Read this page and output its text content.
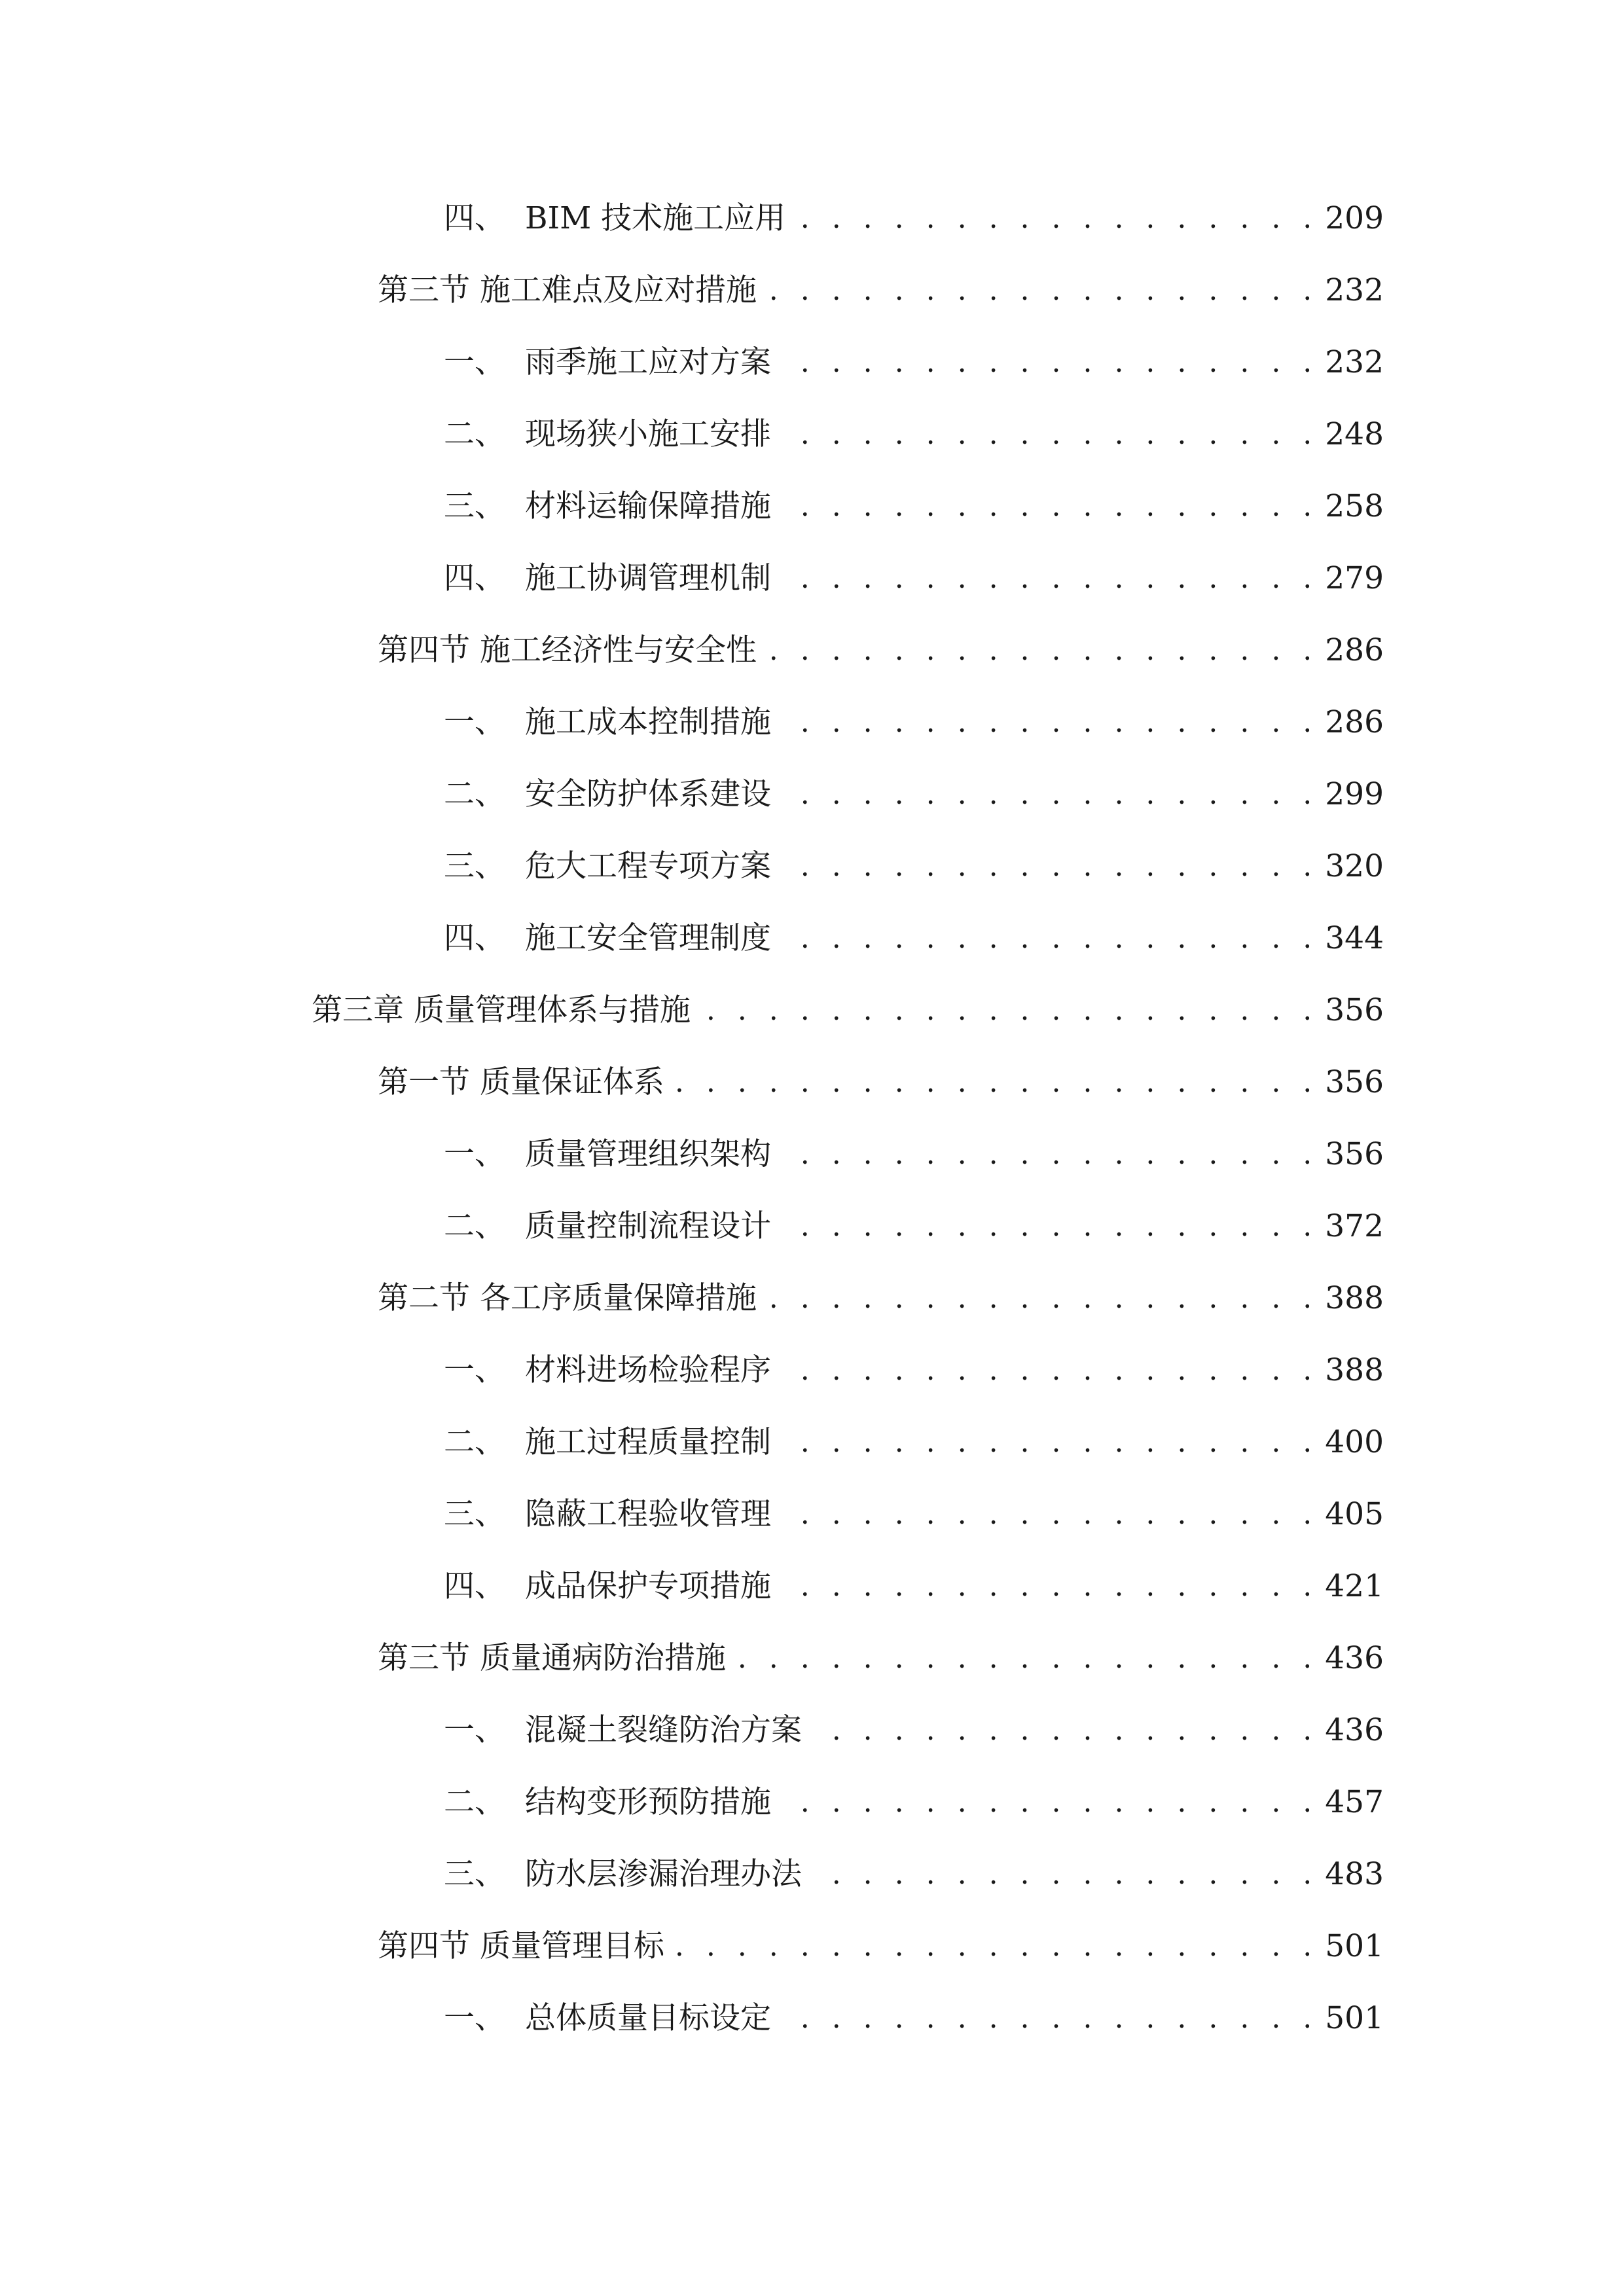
四、 BIM 技术施工应用 . . .	209
第三节 施工难点及应对措施 . . .	232
一、 雨季施工应对方案 . . .	232
二、 现场狭小施工安排 . . .	248
三、 材料运输保障措施 . . .	258
四、 施工协调管理机制 . . .	279
第四节 施工经济性与安全性 . . .	286
一、 施工成本控制措施 . . .	286
二、 安全防护体系建设 . . .	299
三、 危大工程专项方案 . . .	320
四、 施工安全管理制度 . . .	344
第三章 质量管理体系与措施 . . .	356
第一节 质量保证体系 . . .	356
一、 质量管理组织架构 . . .	356
二、 质量控制流程设计 . . .	372
第二节 各工序质量保障措施 . . .	388
一、 材料进场检验程序 . . .	388
二、 施工过程质量控制 . . .	400
三、 隐蔽工程验收管理 . . .	405
四、 成品保护专项措施 . . .	421
第三节 质量通病防治措施 . . .	436
一、 混凝土裂缝防治方案 . . .	436
二、 结构变形预防措施 . . .	457
三、 防水层渗漏治理办法 . . .	483
第四节 质量管理目标 . . .	501
一、 总体质量目标设定 . . .	501
